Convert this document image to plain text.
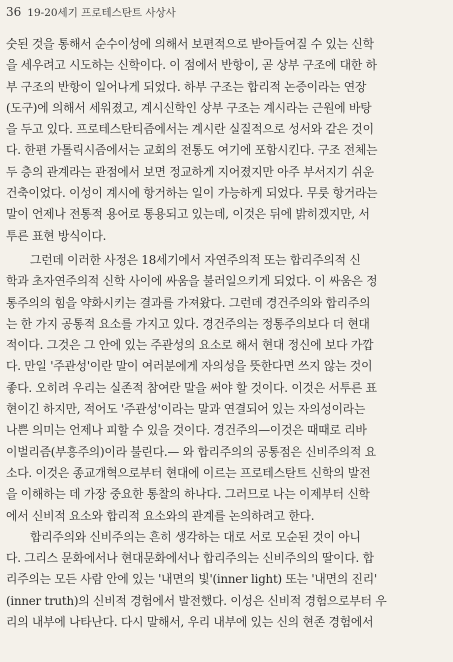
36 19-20세기 프로테스탄트 사상사
숫된 것을 통해서 순수이성에 의해서 보편적으로 받아들여질 수 있는 신학
을 세우려고 시도하는 신학이다. 이 점에서 반항이, 곧 상부 구조에 대한 하
부 구조의 반항이 일어나게 되었다. 하부 구조는 합리적 논증이라는 연장
(도구)에 의해서 세워졌고, 계시신학인 상부 구조는 계시라는 근원에 바탕
을 두고 있다. 프로테스탄티즘에서는 계시란 실질적으로 성서와 같은 것이
다. 한편 가톨릭시즘에서는 교회의 전통도 여기에 포함시킨다. 구조 전체는
두 층의 관계라는 관점에서 보면 정교하게 지어졌지만 아주 부서지기 쉬운
건축이었다. 이성이 계시에 항거하는 일이 가능하게 되었다. 무룻 항거라는
말이 언제나 전통적 용어로 통용되고 있는데, 이것은 뒤에 밝히겠지만, 서
투른 표현 방식이다.
그런데 이러한 사정은 18세기에서 자연주의적 또는 합리주의적 신
학과 초자연주의적 신학 사이에 싸움을 불러일으키게 되었다. 이 싸움은 정
통주의의 힘을 약화시키는 결과를 가져왔다. 그런데 경건주의와 합리주의
는 한 가지 공통적 요소를 가지고 있다. 경건주의는 정통주의보다 더 현대
적이다. 그것은 그 안에 있는 주관성의 요소로 해서 현대 정신에 보다 가깝
다. 만일 '주관성'이란 말이 여러분에게 자의성을 뜻한다면 쓰지 않는 것이
좋다. 오히려 우리는 실존적 참여란 말을 써야 할 것이다. 이것은 서투른 표
현이긴 하지만, 적어도 '주관성'이라는 말과 연결되어 있는 자의성이라는
나쁜 의미는 언제나 피할 수 있을 것이다. 경건주의—이것은 때때로 리바
이벌리즘(부흥주의)이라 불린다.— 와 합리주의의 공통점은 신비주의적 요
소다. 이것은 종교개혁으로부터 현대에 이르는 프로테스탄트 신학의 발전
을 이해하는 데 가장 중요한 통찰의 하나다. 그러므로 나는 이제부터 신학
에서 신비적 요소와 합리적 요소와의 관계를 논의하려고 한다.
합리주의와 신비주의는 흔히 생각하는 대로 서로 모순된 것이 아니
다. 그리스 문화에서나 현대문화에서나 합리주의는 신비주의의 딸이다. 합
리주의는 모든 사람 안에 있는 '내면의 빛'(inner light) 또는 '내면의 진리'
(inner truth)의 신비적 경험에서 발전했다. 이성은 신비적 경험으로부터 우
리의 내부에 나타난다. 다시 말해서, 우리 내부에 있는 신의 현존 경험에서
